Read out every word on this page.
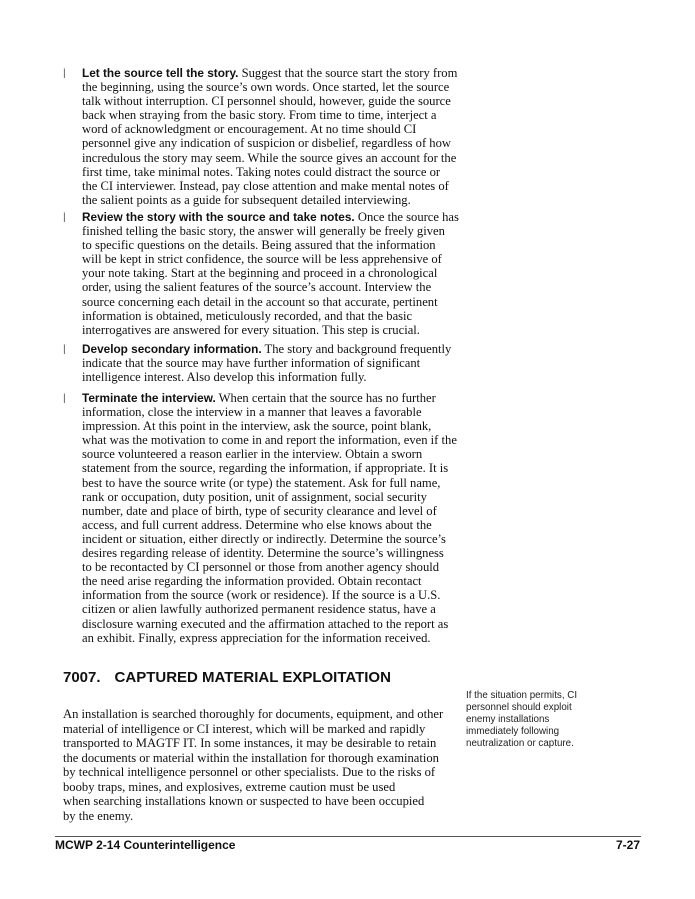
▏ Let the source tell the story. Suggest that the source start the story from
the beginning, using the source’s own words. Once started, let the source
talk without interruption. CI personnel should, however, guide the source
back when straying from the basic story. From time to time, interject a
word of acknowledgment or encouragement. At no time should CI
personnel give any indication of suspicion or disbelief, regardless of how
incredulous the story may seem. While the source gives an account for the
first time, take minimal notes. Taking notes could distract the source or
the CI interviewer. Instead, pay close attention and make mental notes of
the salient points as a guide for subsequent detailed interviewing.
▏ Review the story with the source and take notes. Once the source has
finished telling the basic story, the answer will generally be freely given
to specific questions on the details. Being assured that the information
will be kept in strict confidence, the source will be less apprehensive of
your note taking. Start at the beginning and proceed in a chronological
order, using the salient features of the source’s account. Interview the
source concerning each detail in the account so that accurate, pertinent
information is obtained, meticulously recorded, and that the basic
interrogatives are answered for every situation. This step is crucial.
▏ Develop secondary information. The story and background frequently
indicate that the source may have further information of significant
intelligence interest. Also develop this information fully.
▏ Terminate the interview. When certain that the source has no further
information, close the interview in a manner that leaves a favorable
impression. At this point in the interview, ask the source, point blank,
what was the motivation to come in and report the information, even if the
source volunteered a reason earlier in the interview. Obtain a sworn
statement from the source, regarding the information, if appropriate. It is
best to have the source write (or type) the statement. Ask for full name,
rank or occupation, duty position, unit of assignment, social security
number, date and place of birth, type of security clearance and level of
access, and full current address. Determine who else knows about the
incident or situation, either directly or indirectly. Determine the source’s
desires regarding release of identity. Determine the source’s willingness
to be recontacted by CI personnel or those from another agency should
the need arise regarding the information provided. Obtain recontact
information from the source (work or residence). If the source is a U.S.
citizen or alien lawfully authorized permanent residence status, have a
disclosure warning executed and the affirmation attached to the report as
an exhibit. Finally, express appreciation for the information received.
7007. CAPTURED MATERIAL EXPLOITATION
An installation is searched thoroughly for documents, equipment, and other
material of intelligence or CI interest, which will be marked and rapidly
transported to MAGTF IT. In some instances, it may be desirable to retain
the documents or material within the installation for thorough examination
by technical intelligence personnel or other specialists. Due to the risks of
booby traps, mines, and explosives, extreme caution must be used
when searching installations known or suspected to have been occupied
by the enemy.
If the situation permits, CI
personnel should exploit
enemy installations
immediately following
neutralization or capture.
MCWP 2-14 Counterintelligence	7-27
